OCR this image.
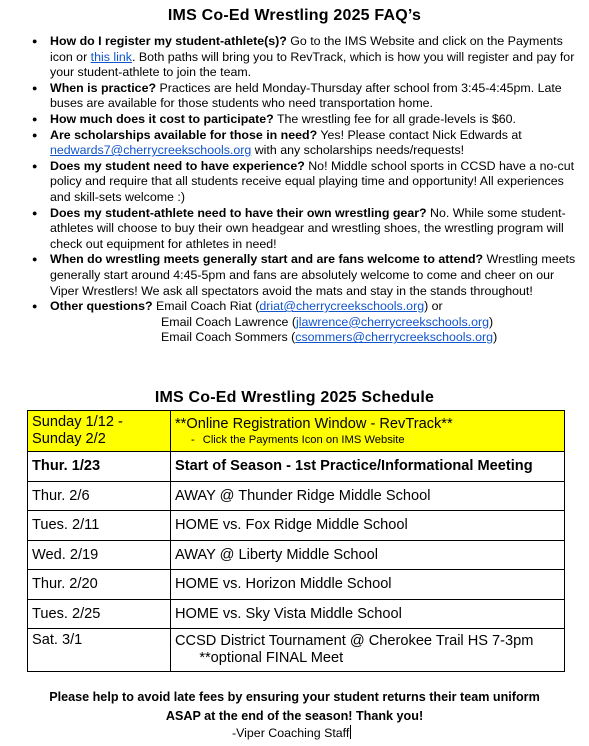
IMS Co-Ed Wrestling 2025 FAQ’s
● How do I register my student-athlete(s)? Go to the IMS Website and click on the Payments icon or this link. Both paths will bring you to RevTrack, which is how you will register and pay for your student-athlete to join the team.
● When is practice? Practices are held Monday-Thursday after school from 3:45-4:45pm. Late buses are available for those students who need transportation home.
● How much does it cost to participate? The wrestling fee for all grade-levels is $60.
● Are scholarships available for those in need? Yes! Please contact Nick Edwards at nedwards7@cherrycreekschools.org with any scholarships needs/requests!
● Does my student need to have experience? No! Middle school sports in CCSD have a no-cut policy and require that all students receive equal playing time and opportunity! All experiences and skill-sets welcome :)
● Does my student-athlete need to have their own wrestling gear? No. While some student-athletes will choose to buy their own headgear and wrestling shoes, the wrestling program will check out equipment for athletes in need!
● When do wrestling meets generally start and are fans welcome to attend? Wrestling meets generally start around 4:45-5pm and fans are absolutely welcome to come and cheer on our Viper Wrestlers! We ask all spectators avoid the mats and stay in the stands throughout!
● Other questions? Email Coach Riat (driat@cherrycreekschools.org) or
Email Coach Lawrence (jlawrence@cherrycreekschools.org)
Email Coach Sommers (csommers@cherrycreekschools.org)
IMS Co-Ed Wrestling 2025 Schedule
Sunday 1/12 - Sunday 2/2	**Online Registration Window - RevTrack**
- Click the Payments Icon on IMS Website

Thur. 1/23	Start of Season - 1st Practice/Informational Meeting
Thur. 2/6	AWAY @ Thunder Ridge Middle School
Tues. 2/11	HOME vs. Fox Ridge Middle School
Wed. 2/19	AWAY @ Liberty Middle School
Thur. 2/20	HOME vs. Horizon Middle School
Tues. 2/25	HOME vs. Sky Vista Middle School
Sat. 3/1	CCSD District Tournament @ Cherokee Trail HS 7-3pm       **optional FINAL Meet
Please help to avoid late fees by ensuring your student returns their team uniform
ASAP at the end of the season! Thank you!
-Viper Coaching Staff
